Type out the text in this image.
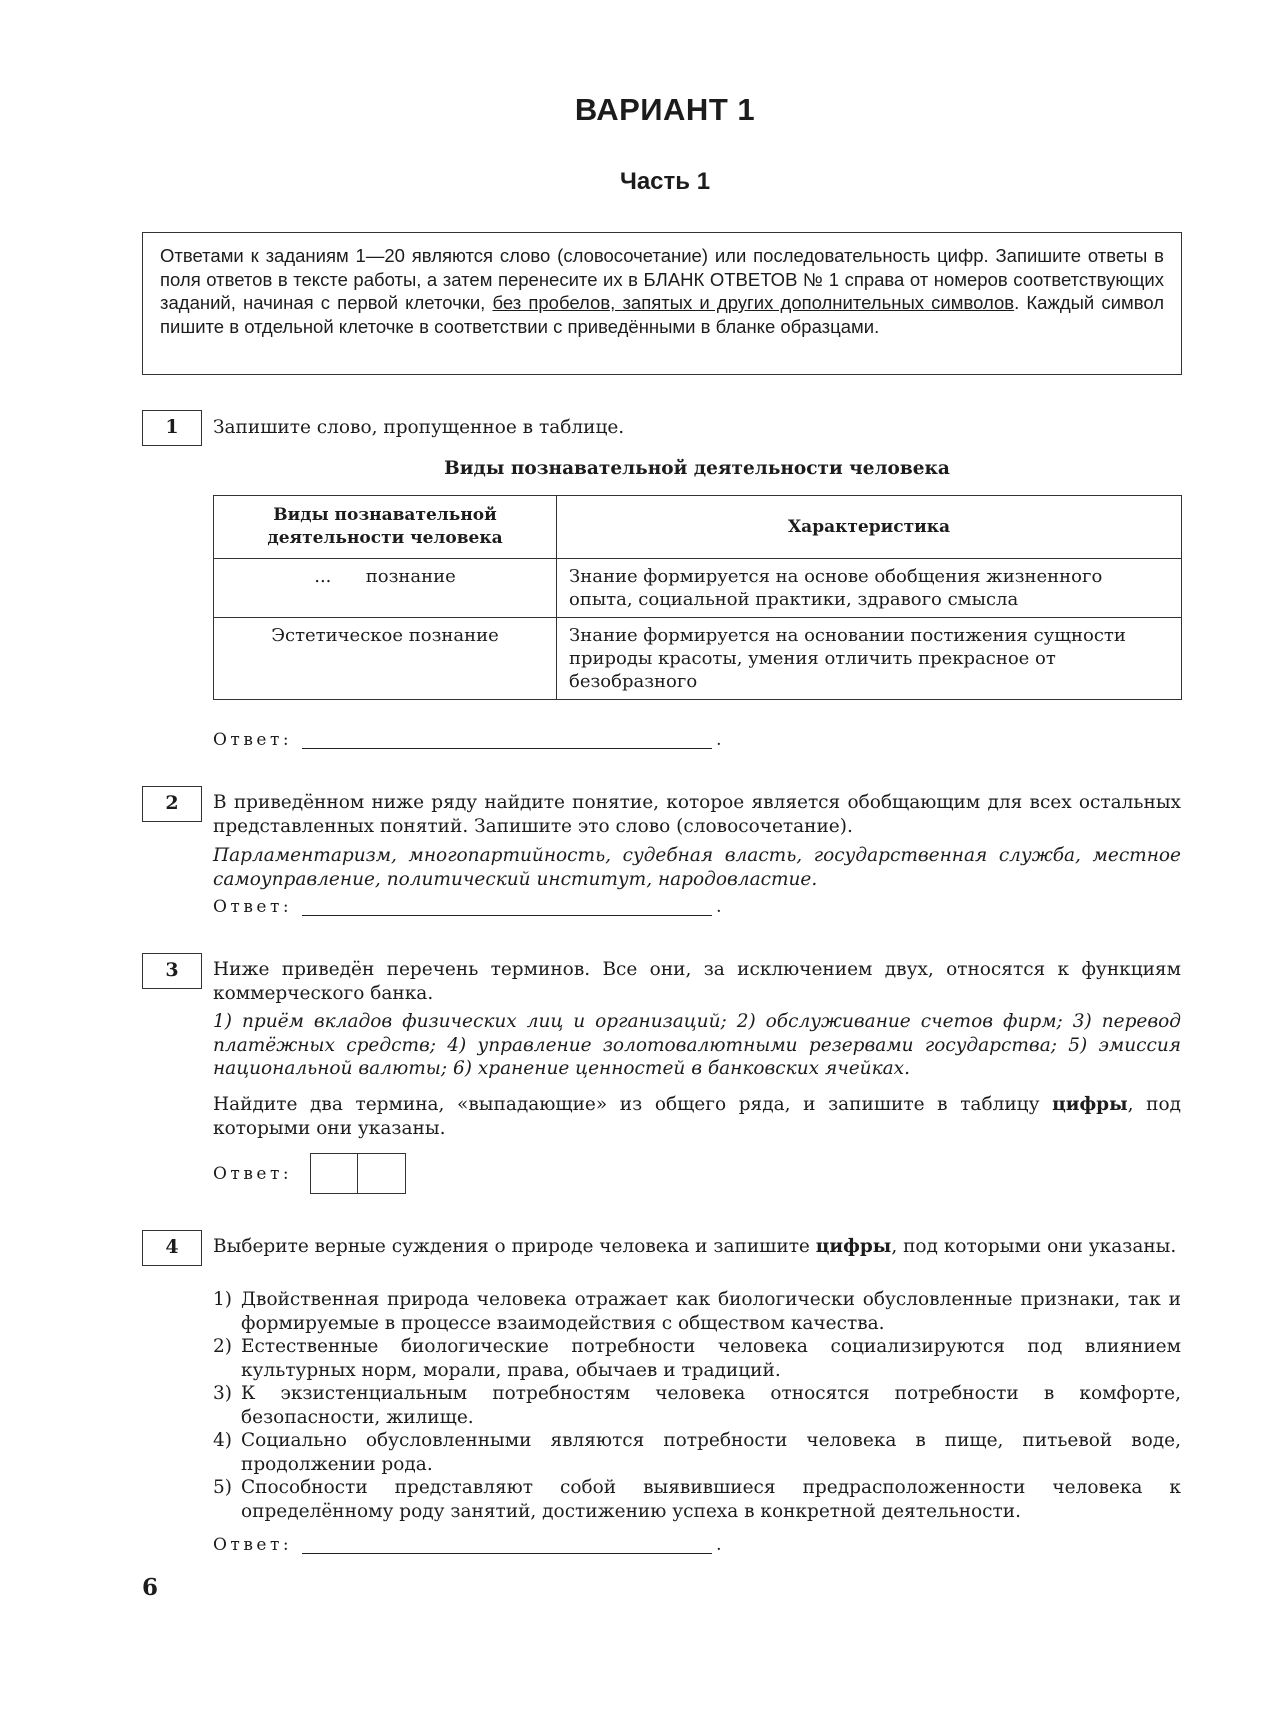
ВАРИАНТ 1
Часть 1
Ответами к заданиям 1—20 являются слово (словосочетание) или последовательность цифр. Запишите ответы в поля ответов в тексте работы, а затем перенесите их в БЛАНК ОТВЕТОВ № 1 справа от номеров соответствующих заданий, начиная с первой клеточки, без пробелов, запятых и других дополнительных символов. Каждый символ пишите в отдельной клеточке в соответствии с приведёнными в бланке образцами.
1	Запишите слово, пропущенное в таблице.
Виды познавательной деятельности человека
Виды познавательной деятельности человека	Характеристика
...      познание	Знание формируется на основе обобщения жизненного опыта, социальной практики, здравого смысла
Эстетическое познание	Знание формируется на основании постижения сущности природы красоты, умения отличить прекрасное от безобразного
Ответ:	.
2	В приведённом ниже ряду найдите понятие, которое является обобщающим для всех остальных представленных понятий. Запишите это слово (словосочетание).
Парламентаризм, многопартийность, судебная власть, государственная служба, местное самоуправление, политический институт, народовластие.
Ответ:	.
3	Ниже приведён перечень терминов. Все они, за исключением двух, относятся к функциям коммерческого банка.
1) приём вкладов физических лиц и организаций; 2) обслуживание счетов фирм; 3) перевод платёжных средств; 4) управление золотовалютными резервами государства; 5) эмиссия национальной валюты; 6) хранение ценностей в банковских ячейках.
Найдите два термина, «выпадающие» из общего ряда, и запишите в таблицу цифры, под которыми они указаны.
Ответ:
4	Выберите верные суждения о природе человека и запишите цифры, под которыми они указаны.
1) Двойственная природа человека отражает как биологически обусловленные признаки, так и формируемые в процессе взаимодействия с обществом качества.
2) Естественные биологические потребности человека социализируются под влиянием культурных норм, морали, права, обычаев и традиций.
3) К экзистенциальным потребностям человека относятся потребности в комфорте, безопасности, жилище.
4) Социально обусловленными являются потребности человека в пище, питьевой воде, продолжении рода.
5) Способности представляют собой выявившиеся предрасположенности человека к определённому роду занятий, достижению успеха в конкретной деятельности.
Ответ:	.
6
